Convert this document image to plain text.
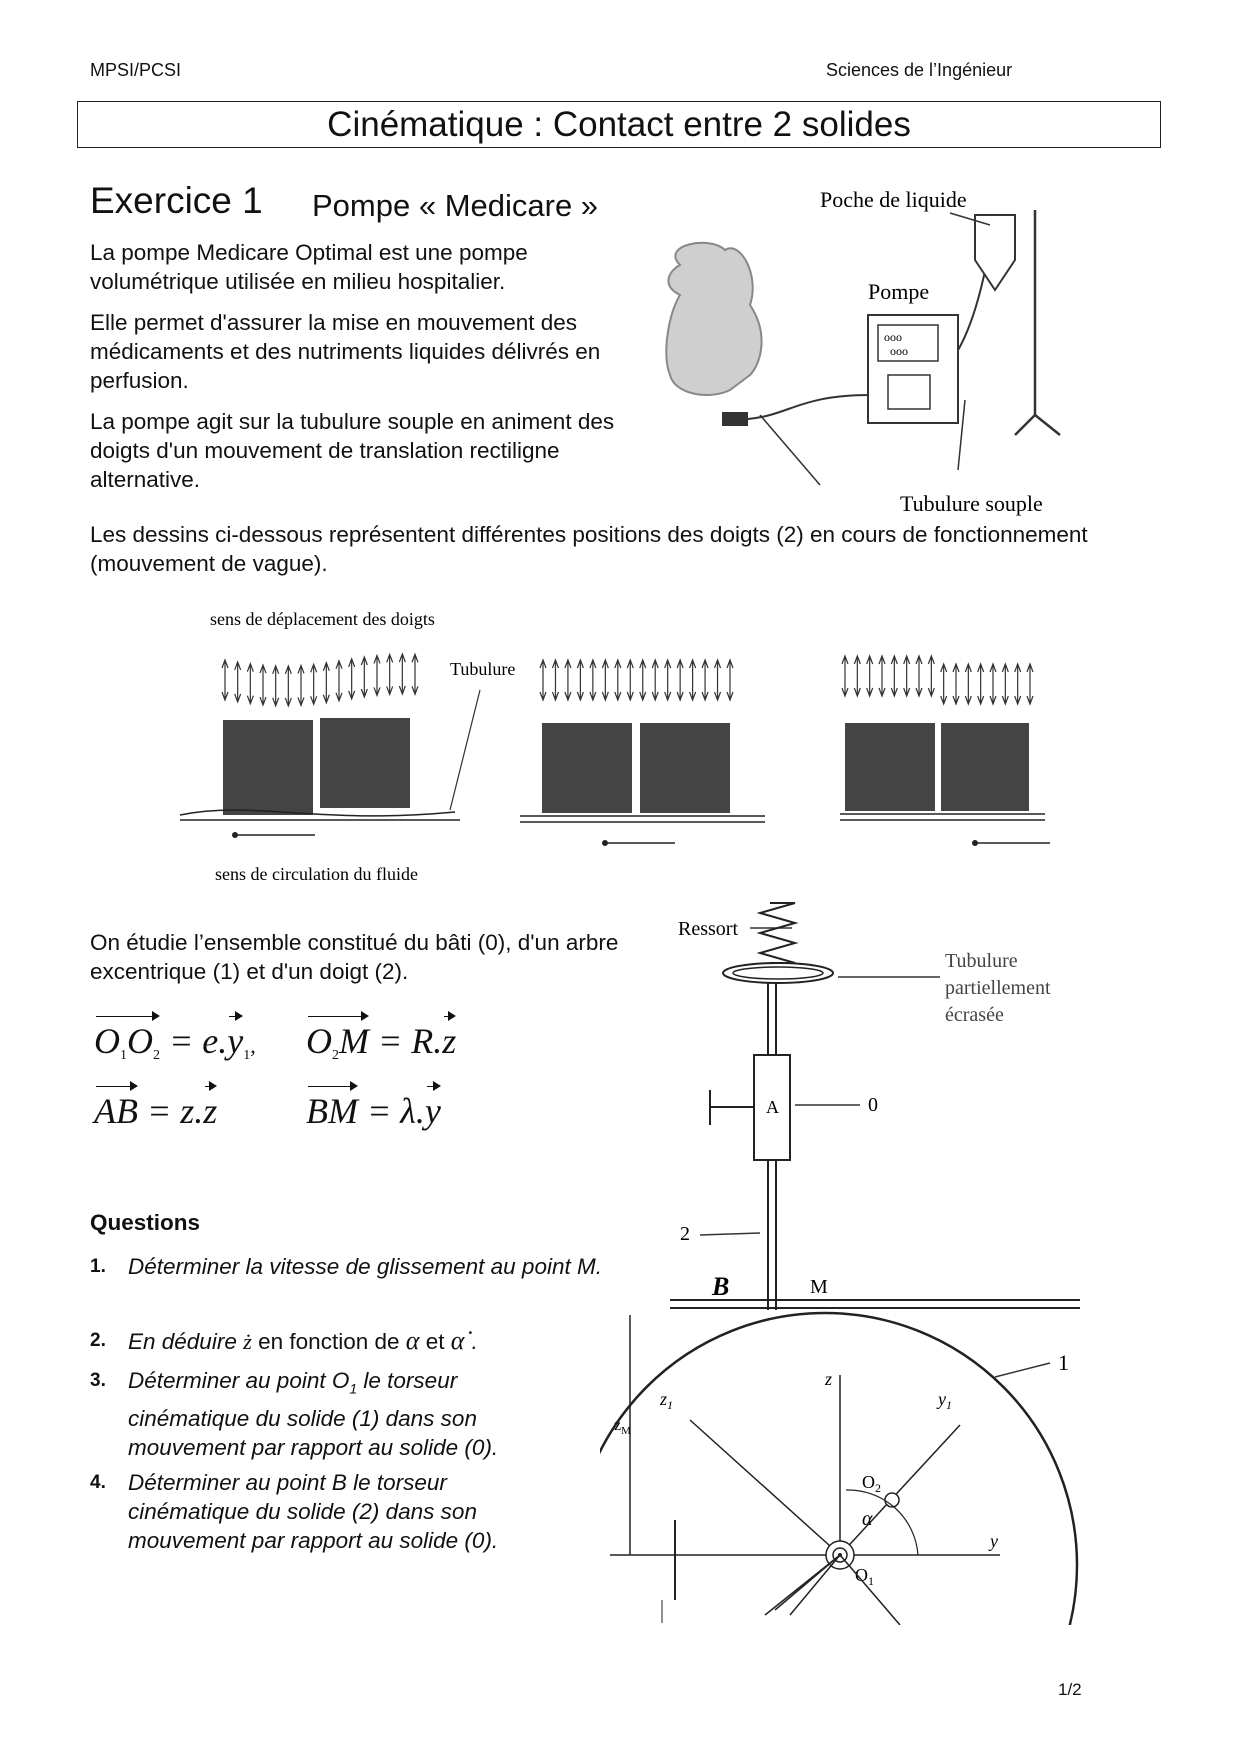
MPSI/PCSI	Sciences de l’Ingénieur
Cinématique : Contact entre 2 solides
Exercice 1 Pompe « Medicare »

La pompe Medicare Optimal est une pompe volumétrique utilisée en milieu hospitalier.

Elle permet d'assurer la mise en mouvement des médicaments et des nutriments liquides délivrés en perfusion.

La pompe agit sur la tubulure souple en animent des doigts d'un mouvement de translation rectiligne alternative.

Les dessins ci-dessous représentent différentes positions des doigts (2) en cours de fonctionnement (mouvement de vague).
ooo
ooo
Poche de liquide
Pompe
Tubulure souple
sens de déplacement des doigts
Tubulure
sens de circulation du fluide
On étudie l’ensemble constitué du bâti (0), d'un arbre excentrique (1) et d'un doigt (2).
$O_1O_2 = e.y_1$, $O_2M = R.z$
AB = z.z BM = λ.y
Questions
1. Déterminer la vitesse de glissement au point M.
2. En déduire ż en fonction de α et α̇ .
3. Déterminer au point $O_1$ le torseur cinématique du solide (1) dans son mouvement par rapport au solide (0).
4. Déterminer au point B le torseur cinématique du solide (2) dans son mouvement par rapport au solide (0).
Ressort
Tubulure
partiellement
écrasée
A	0
2
B	M
y
z
$z_1$	$y_1$
$O_1$
$O_2$
α
$z_M$
1
1/2
